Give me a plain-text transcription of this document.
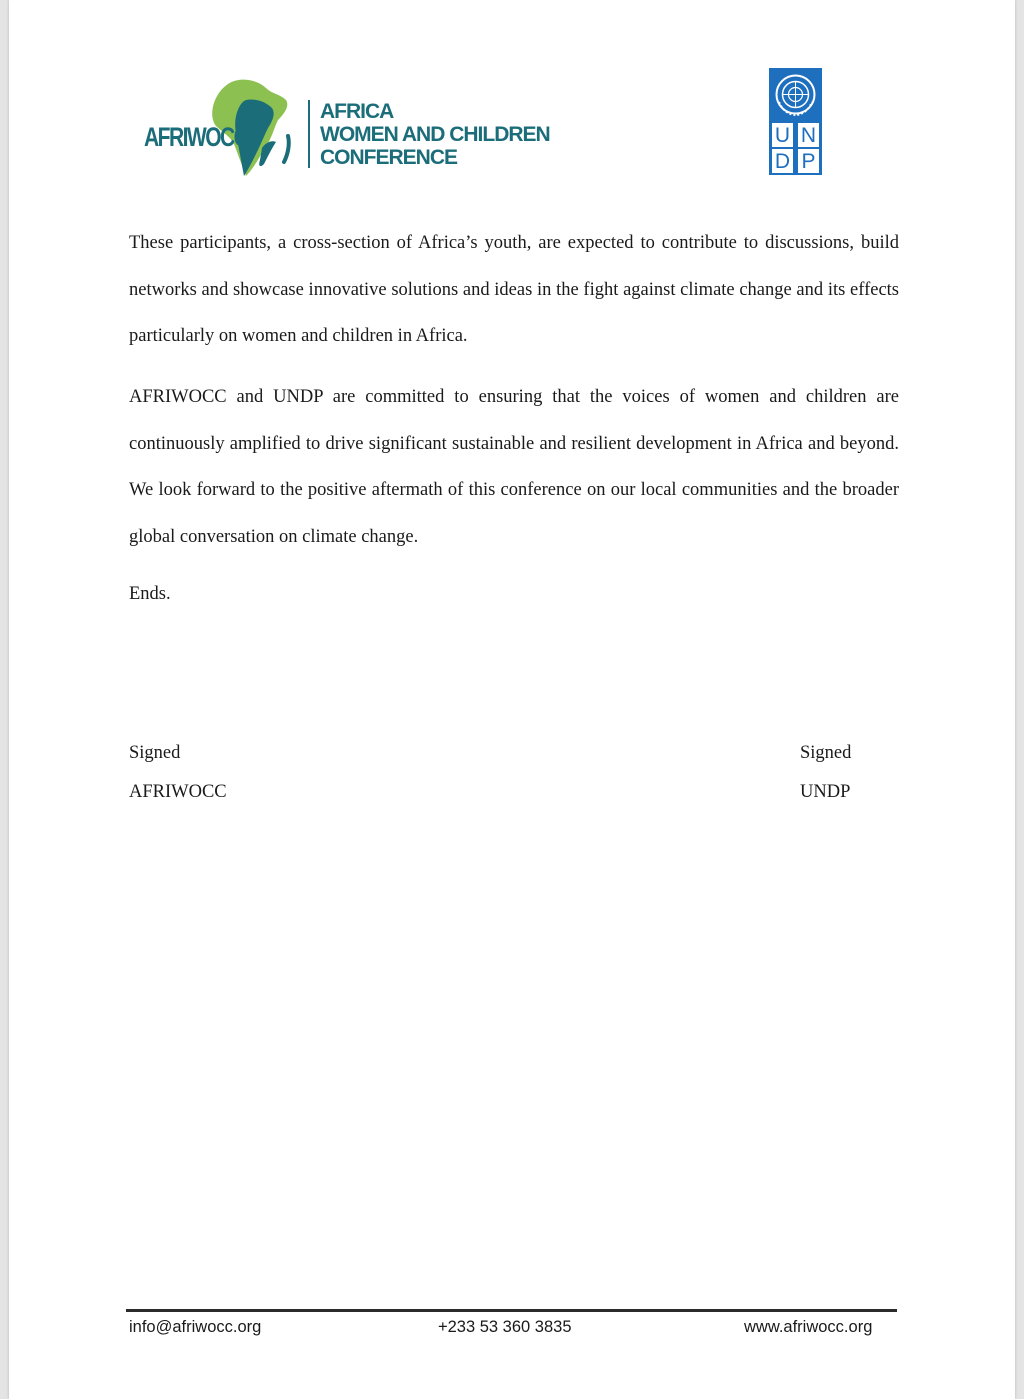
AFRIWOCC
AFRICA
WOMEN AND CHILDREN
CONFERENCE
U N
D P

These participants, a cross-section of Africa’s youth, are expected to contribute to discussions, build networks and showcase innovative solutions and ideas in the fight against climate change and its effects particularly on women and children in Africa.

AFRIWOCC and UNDP are committed to ensuring that the voices of women and children are continuously amplified to drive significant sustainable and resilient development in Africa and beyond. We look forward to the positive aftermath of this conference on our local communities and the broader global conversation on climate change.

Ends.

Signed
AFRIWOCC
Signed
UNDP
info@afriwocc.org	+233 53 360 3835	www.afriwocc.org
